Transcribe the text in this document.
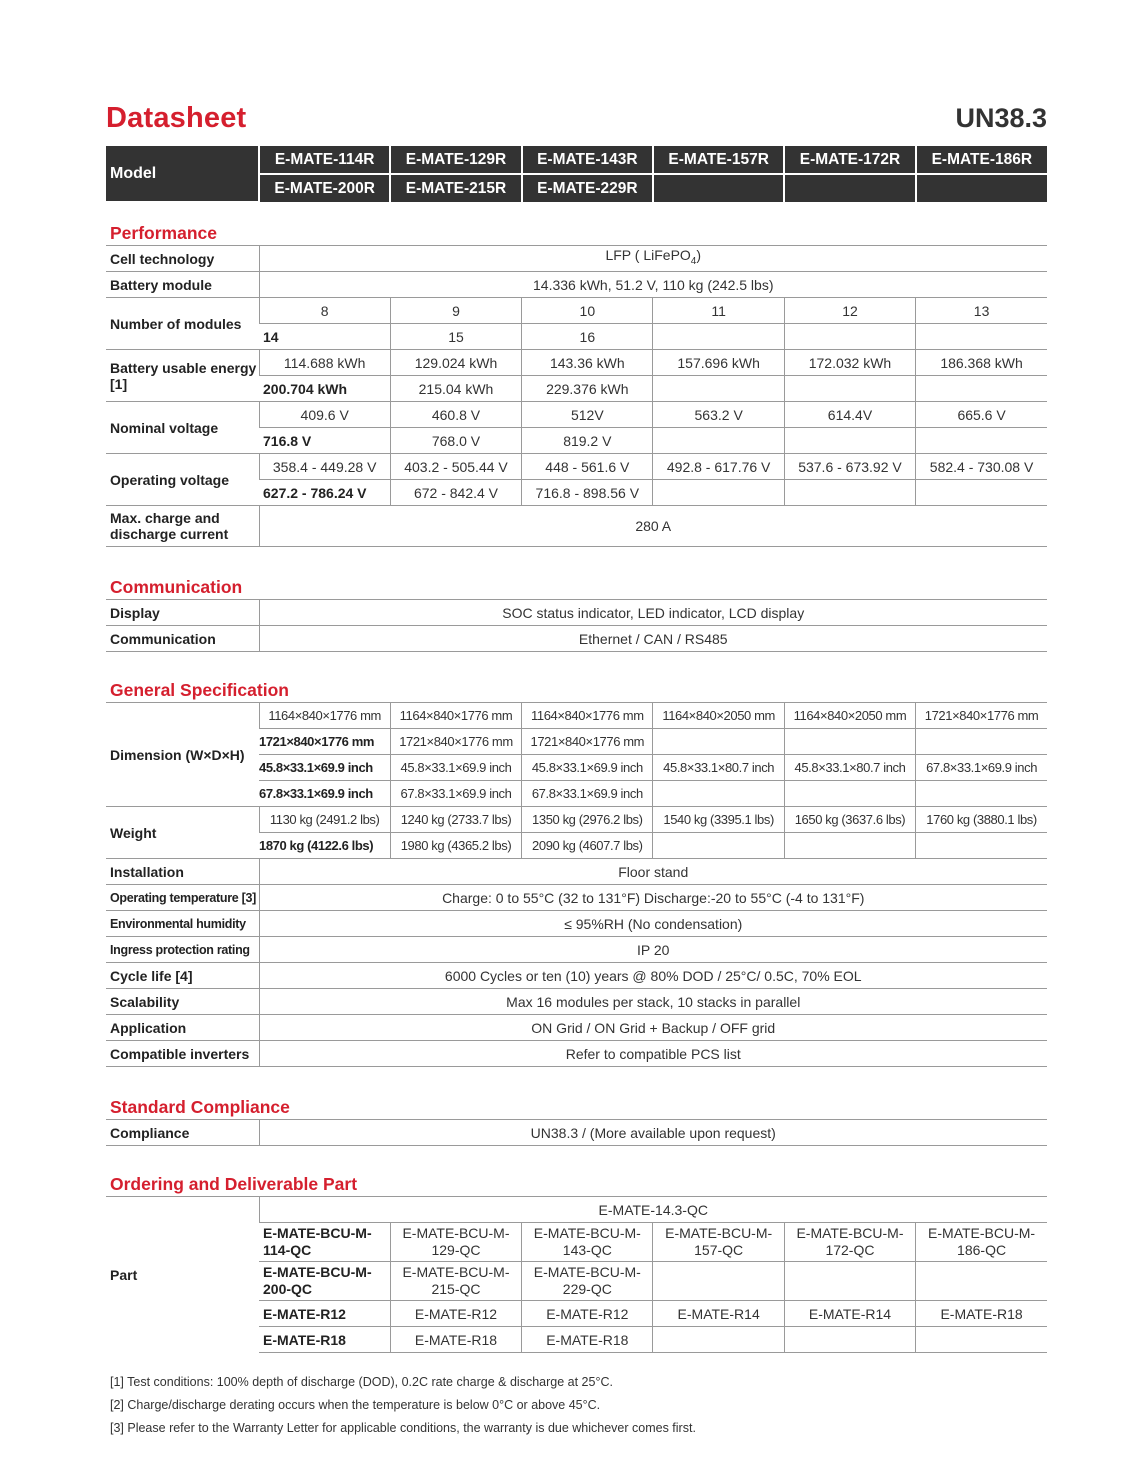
Datasheet	UN38.3
Model	E-MATE-114R	E-MATE-129R	E-MATE-143R	E-MATE-157R	E-MATE-172R	E-MATE-186R
	E-MATE-200R	E-MATE-215R	E-MATE-229R			
Performance
Cell technology	LFP ( LiFePO$_4$)					
Battery module	14.336 kWh, 51.2 V, 110 kg (242.5 lbs)					
Number of modules	8	9	10	11	12	13
	14	15	16			
Battery usable energy [1]	114.688 kWh	129.024 kWh	143.36 kWh	157.696 kWh	172.032 kWh	186.368 kWh
	200.704 kWh	215.04 kWh	229.376 kWh			
Nominal voltage	409.6 V	460.8 V	512V	563.2 V	614.4V	665.6 V
	716.8 V	768.0 V	819.2 V			
Operating voltage	358.4 - 449.28 V	403.2 - 505.44 V	448 - 561.6 V	492.8 - 617.76 V	537.6 - 673.92 V	582.4 - 730.08 V
	627.2 - 786.24 V	672 - 842.4 V	716.8 - 898.56 V			
Max. charge and discharge current	280 A					
Communication
Display	SOC status indicator, LED indicator, LCD display
Communication	Ethernet / CAN / RS485
General Specification
Dimension (W×D×H)	1164×840×1776 mm	1164×840×1776 mm	1164×840×1776 mm	1164×840×2050 mm	1164×840×2050 mm	1721×840×1776 mm
	1721×840×1776 mm	1721×840×1776 mm	1721×840×1776 mm			
	45.8×33.1×69.9 inch	45.8×33.1×69.9 inch	45.8×33.1×69.9 inch	45.8×33.1×80.7 inch	45.8×33.1×80.7 inch	67.8×33.1×69.9 inch
	67.8×33.1×69.9 inch	67.8×33.1×69.9 inch	67.8×33.1×69.9 inch			
Weight	1130 kg (2491.2 lbs)	1240 kg (2733.7 lbs)	1350 kg (2976.2 lbs)	1540 kg (3395.1 lbs)	1650 kg (3637.6 lbs)	1760 kg (3880.1 lbs)
	1870 kg (4122.6 lbs)	1980 kg (4365.2 lbs)	2090 kg (4607.7 lbs)			
Installation	Floor stand					
Operating temperature [3]	Charge: 0 to 55°C (32 to 131°F) Discharge:-20 to 55°C (-4 to 131°F)					
Environmental humidity	≤ 95%RH (No condensation)					
Ingress protection rating	IP 20					
Cycle life [4]	6000 Cycles or ten (10) years @ 80% DOD / 25°C/ 0.5C, 70% EOL					
Scalability	Max 16 modules per stack, 10 stacks in parallel					
Application	ON Grid / ON Grid + Backup / OFF grid					
Compatible inverters	Refer to compatible PCS list					
Standard Compliance
Compliance	UN38.3 / (More available upon request)
Ordering and Deliverable Part
Part	E-MATE-14.3-QC					
	E-MATE-BCU-M-114-QC	E-MATE-BCU-M-129-QC	E-MATE-BCU-M-143-QC	E-MATE-BCU-M-157-QC	E-MATE-BCU-M-172-QC	E-MATE-BCU-M-186-QC
	E-MATE-BCU-M-200-QC	E-MATE-BCU-M-215-QC	E-MATE-BCU-M-229-QC			
	E-MATE-R12	E-MATE-R12	E-MATE-R12	E-MATE-R14	E-MATE-R14	E-MATE-R18
	E-MATE-R18	E-MATE-R18	E-MATE-R18			
[1] Test conditions: 100% depth of discharge (DOD), 0.2C rate charge & discharge at 25°C.
[2] Charge/discharge derating occurs when the temperature is below 0°C or above 45°C.
[3] Please refer to the Warranty Letter for applicable conditions, the warranty is due whichever comes first.
